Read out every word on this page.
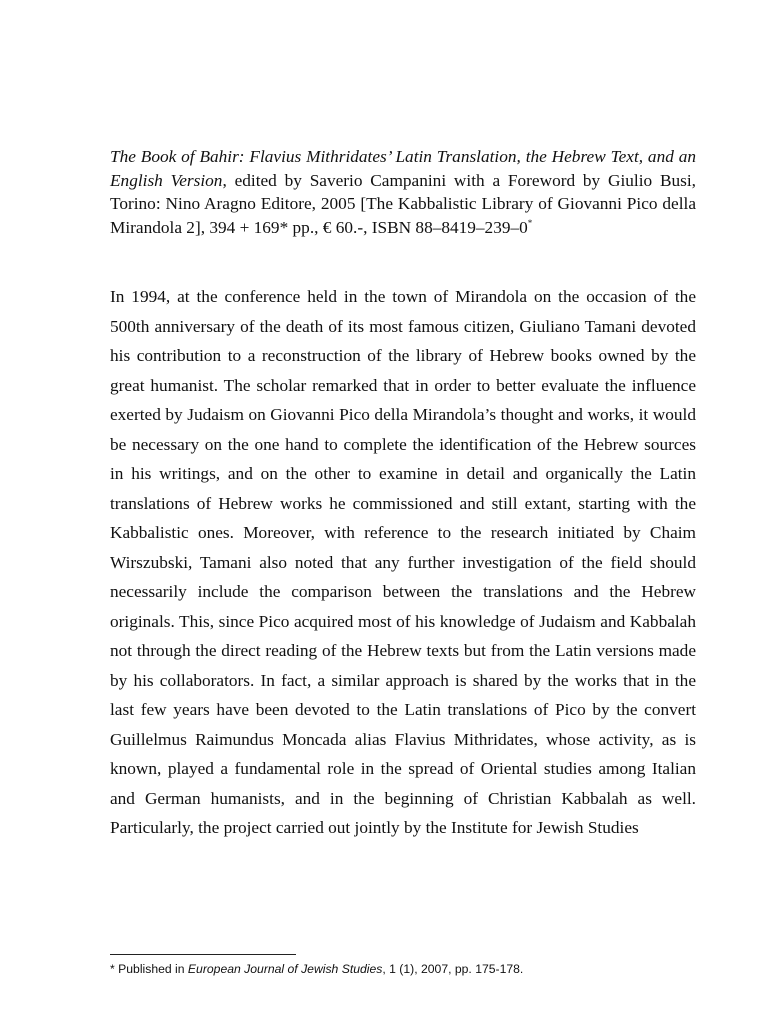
The Book of Bahir: Flavius Mithridates’ Latin Translation, the Hebrew Text, and an English Version, edited by Saverio Campanini with a Foreword by Giulio Busi, Torino: Nino Aragno Editore, 2005 [The Kabbalistic Library of Giovanni Pico della Mirandola 2], 394 + 169* pp., € 60.-, ISBN 88–8419–239–0*

In 1994, at the conference held in the town of Mirandola on the occasion of the 500th anniversary of the death of its most famous citizen, Giuliano Tamani devoted his contribution to a reconstruction of the library of Hebrew books owned by the great humanist. The scholar remarked that in order to better evaluate the influence exerted by Judaism on Giovanni Pico della Mirandola’s thought and works, it would be necessary on the one hand to complete the identification of the Hebrew sources in his writings, and on the other to examine in detail and organically the Latin translations of Hebrew works he commissioned and still extant, starting with the Kabbalistic ones. Moreover, with reference to the research initiated by Chaim Wirszubski, Tamani also noted that any further investigation of the field should necessarily include the comparison between the translations and the Hebrew originals. This, since Pico acquired most of his knowledge of Judaism and Kabbalah not through the direct reading of the Hebrew texts but from the Latin versions made by his collaborators. In fact, a similar approach is shared by the works that in the last few years have been devoted to the Latin translations of Pico by the convert Guillelmus Raimundus Moncada alias Flavius Mithridates, whose activity, as is known, played a fundamental role in the spread of Oriental studies among Italian and German humanists, and in the beginning of Christian Kabbalah as well. Particularly, the project carried out jointly by the Institute for Jewish Studies

* Published in European Journal of Jewish Studies, 1 (1), 2007, pp. 175-178.
